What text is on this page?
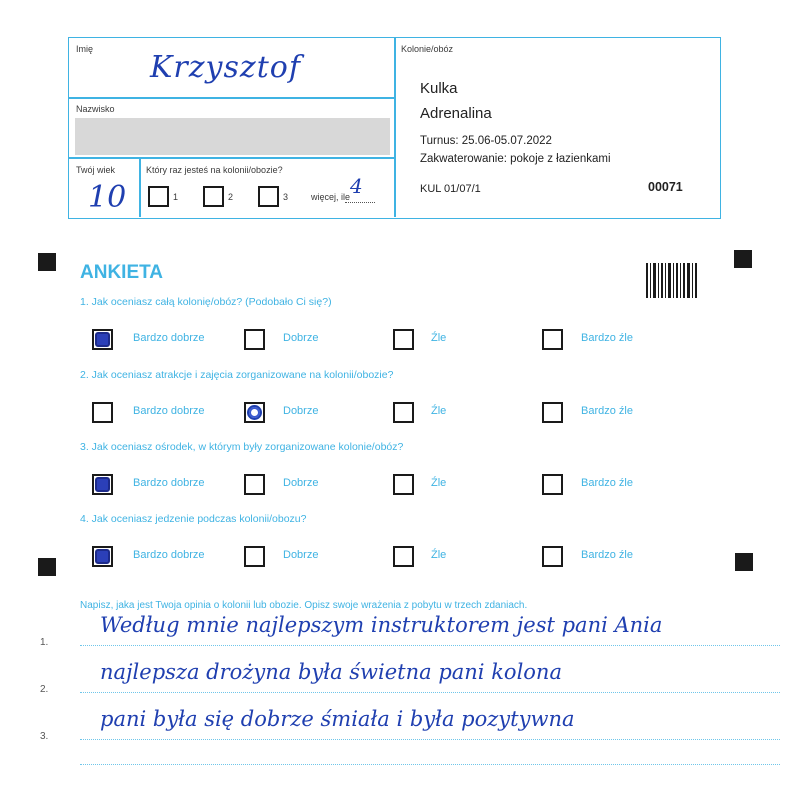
Imię
Krzysztof
Nazwisko
Twój wiek
10
Który raz jesteś na kolonii/obozie?
1	2	3	więcej, ile 4
Kolonie/obóz
Kulka
Adrenalina
Turnus: 25.06-05.07.2022
Zakwaterowanie: pokoje z łazienkami
KUL 01/07/1	00071
ANKIETA
1. Jak oceniasz całą kolonię/obóz? (Podobało Ci się?)
Bardzo dobrze	Dobrze	Źle	Bardzo źle
2. Jak oceniasz atrakcje i zajęcia zorganizowane na kolonii/obozie?
Bardzo dobrze	Dobrze	Źle	Bardzo źle
3. Jak oceniasz ośrodek, w którym były zorganizowane kolonie/obóz?
Bardzo dobrze	Dobrze	Źle	Bardzo źle
4. Jak oceniasz jedzenie podczas kolonii/obozu?
Bardzo dobrze	Dobrze	Źle	Bardzo źle
Napisz, jaka jest Twoja opinia o kolonii lub obozie. Opisz swoje wrażenia z pobytu w trzech zdaniach.
1.
Według mnie najlepszym instruktorem jest pani Ania
2.
najlepsza drożyna była świetna pani kolona
3.
pani była się dobrze śmiała i była pozytywna
